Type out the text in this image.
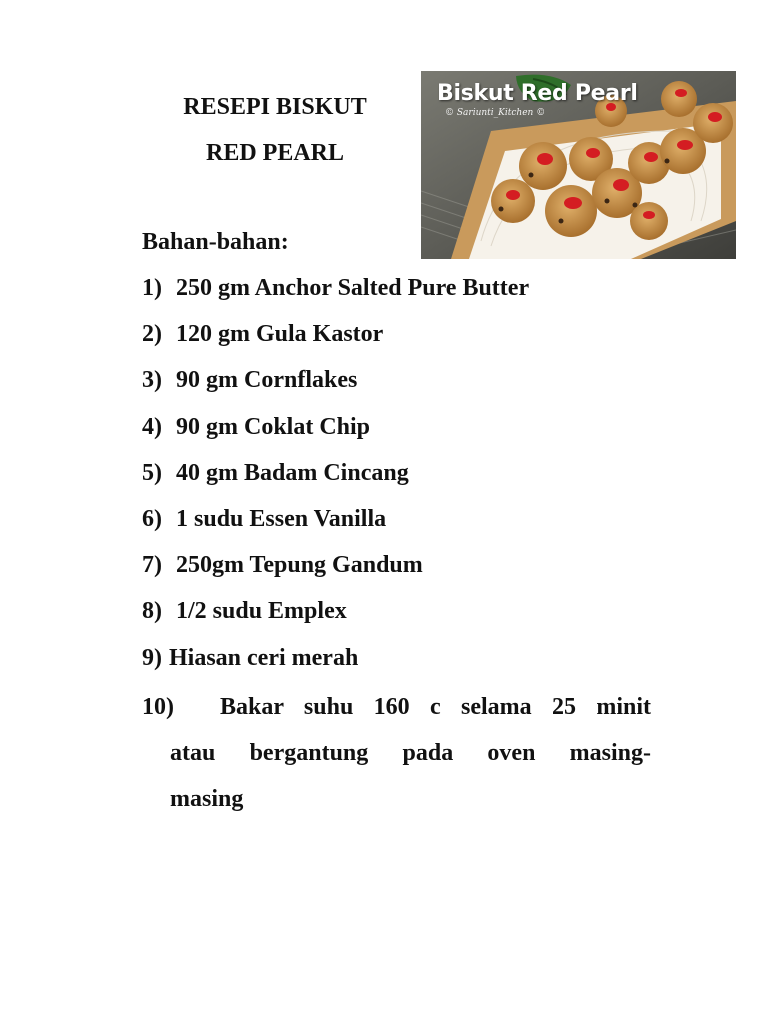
RESEPI BISKUT
RED PEARL
Biskut Red Pearl
© Sariunti_Kitchen ©
Bahan-bahan:
1) 250 gm Anchor Salted Pure Butter
2) 120 gm Gula Kastor
3) 90 gm Cornflakes
4) 90 gm Coklat Chip
5) 40 gm Badam Cincang
6) 1 sudu Essen Vanilla
7) 250gm Tepung Gandum
8) 1/2 sudu Emplex
9) Hiasan ceri merah
10)	Bakar suhu 160 c selama 25 minit
atau bergantung pada oven masing-
masing
